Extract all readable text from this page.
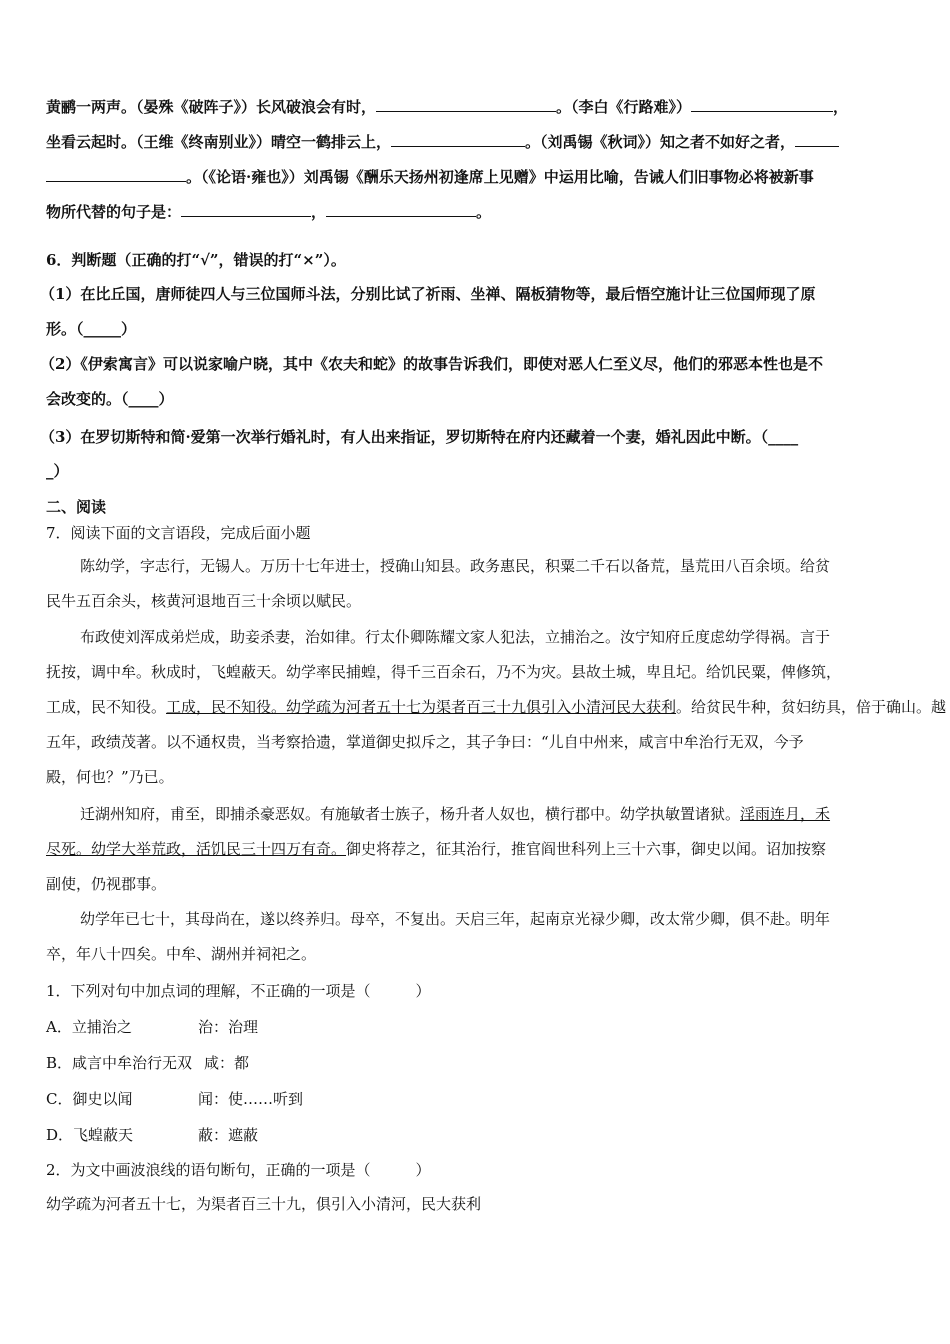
黄鹂一两声。（晏殊《破阵子》）长风破浪会有时，	。（李白《行路难》）	，
坐看云起时。（王维《终南别业》）晴空一鹤排云上，	。（刘禹锡《秋词》）知之者不如好之者，
。（《论语·雍也》）刘禹锡《酬乐天扬州初逢席上见赠》中运用比喻，告诫人们旧事物必将被新事
物所代替的句子是：	，	。
6．判断题（正确的打“√”，错误的打“×”）。
（1）在比丘国，唐师徒四人与三位国师斗法，分别比试了祈雨、坐禅、隔板猜物等，最后悟空施计让三位国师现了原
形。（_____）
（2）《伊索寓言》可以说家喻户晓，其中《农夫和蛇》的故事告诉我们，即使对恶人仁至义尽，他们的邪恶本性也是不
会改变的。（____）
（3）在罗切斯特和简·爱第一次举行婚礼时，有人出来指证，罗切斯特在府内还藏着一个妻，婚礼因此中断。（____
_）
二、阅读
7．阅读下面的文言语段，完成后面小题
陈幼学，字志行，无锡人。万历十七年进士，授确山知县。政务惠民，积粟二千石以备荒，垦荒田八百余顷。给贫
民牛五百余头，核黄河退地百三十余顷以赋民。
布政使刘浑成弟烂成，助妾杀妻，治如律。行太仆卿陈耀文家人犯法，立捕治之。汝宁知府丘度虑幼学得祸。言于
抚按，调中牟。秋成时，飞蝗蔽天。幼学率民捕蝗，得千三百余石，乃不为灾。县故土城，卑且圮。给饥民粟，俾修筑，
工成，民不知役。工成，民不知役。幼学疏为河者五十七为渠者百三十九俱引入小清河民大获利。给贫民牛种，贫妇纺具，倍于确山。越
五年，政绩茂著。以不通权贵，当考察拾遗，掌道御史拟斥之，其子争曰：“儿自中州来，咸言中牟治行无双，今予
殿，何也？”乃已。
迁湖州知府，甫至，即捕杀豪恶奴。有施敏者士族子，杨升者人奴也，横行郡中。幼学执敏置诸狱。淫雨连月，禾
尽死。幼学大举荒政，活饥民三十四万有奇。御史将荐之，征其治行，推官阎世科列上三十六事，御史以闻。诏加按察
副使，仍视郡事。
幼学年已七十，其母尚在，遂以终养归。母卒，不复出。天启三年，起南京光禄少卿，改太常少卿，俱不赴。明年
卒，年八十四矣。中牟、湖州并祠祀之。
1．下列对句中加点词的理解，不正确的一项是（　　　）
A．立捕治之	治：治理
B．咸言中牟治行无双 咸：都
C．御史以闻	闻：使……听到
D．飞蝗蔽天	蔽：遮蔽
2．为文中画波浪线的语句断句，正确的一项是（　　　）
幼学疏为河者五十七，为渠者百三十九，俱引入小清河，民大获利
